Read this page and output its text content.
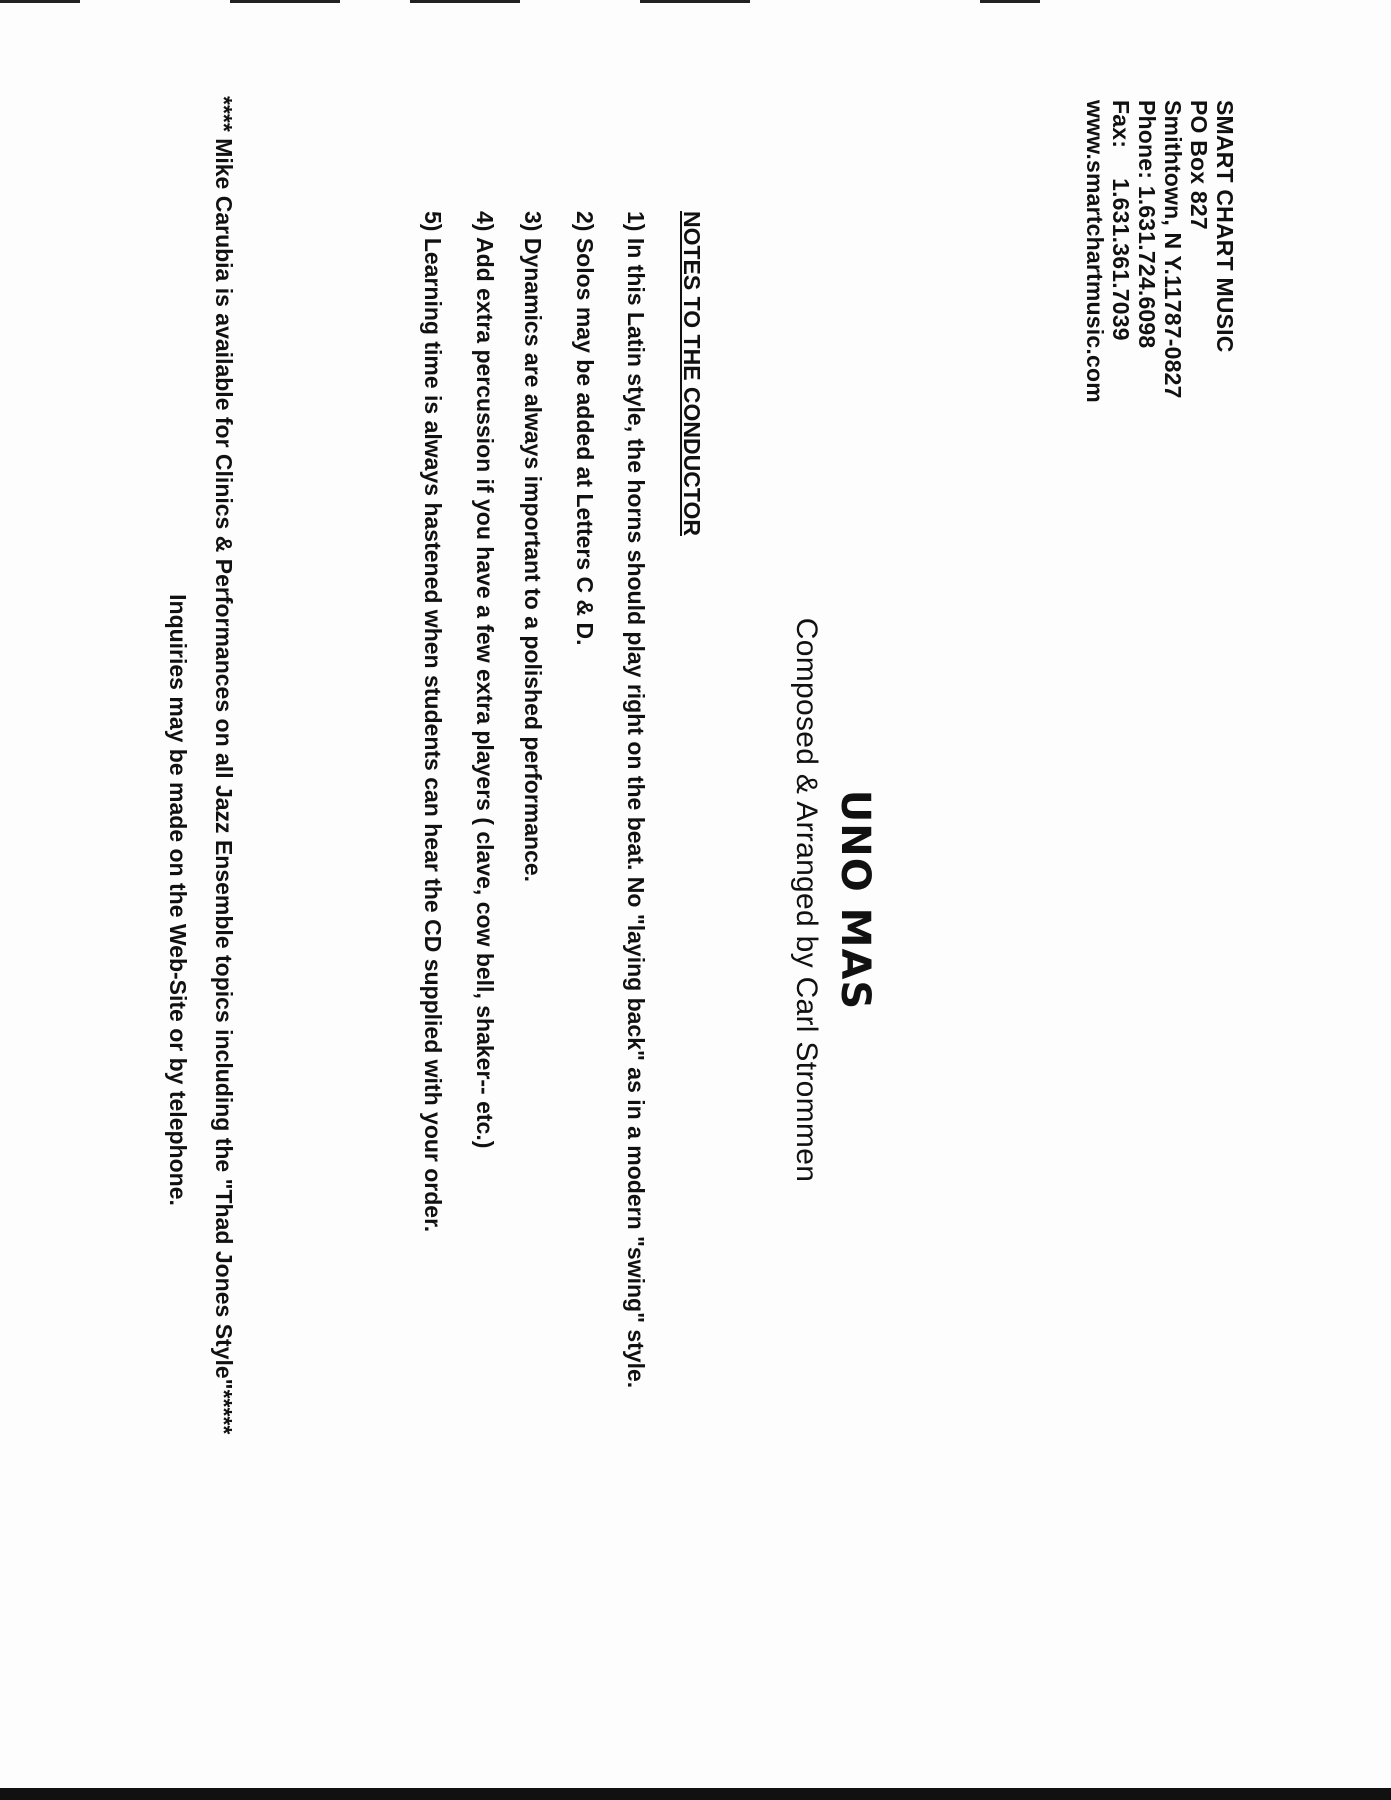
SMART CHART MUSIC
PO Box 827
Smithtown, N Y.11787-0827
Phone: 1.631.724.6098
Fax:1.631.361.7039
www.smartchartmusic.com
UNO MAS
Composed & Arranged by Carl Strommen
NOTES TO THE CONDUCTOR
1) In this Latin style, the horns should play right on the beat. No "laying back" as in a modern "swing" style.
2) Solos may be added at Letters C & D.
3) Dynamics are always important to a polished performance.
4) Add extra percussion if you have a few extra players ( clave, cow bell, shaker-- etc.)
5) Learning time is always hastened when students can hear the CD supplied with your order.
**** Mike Carubia is available for Clinics & Performances on all Jazz Ensemble topics including the "Thad Jones Style"*****
Inquiries may be made on the Web-Site or by telephone.
